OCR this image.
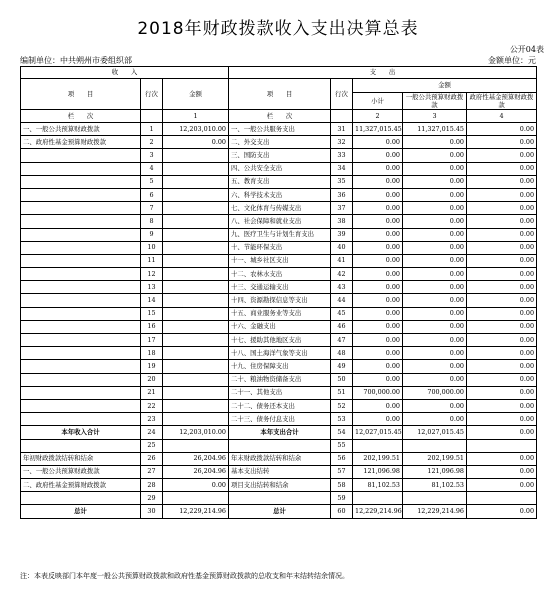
2018年财政拨款收入支出决算总表
公开04表
编制单位：中共朔州市委组织部	金额单位：元
收　　入			支　　出				
项　　目	行次	金额	项　　目	行次	金额		
					小计	一般公共预算财政拨款	政府性基金预算财政拨款
栏　　次		1	栏　　次		2	3	4
一、一般公共预算财政拨款	1	12,203,010.00	一、一般公共服务支出	31	11,327,015.45	11,327,015.45	0.00
二、政府性基金预算财政拨款	2	0.00	二、外交支出	32	0.00	0.00	0.00
	3		三、国防支出	33	0.00	0.00	0.00
	4		四、公共安全支出	34	0.00	0.00	0.00
	5		五、教育支出	35	0.00	0.00	0.00
	6		六、科学技术支出	36	0.00	0.00	0.00
	7		七、文化体育与传媒支出	37	0.00	0.00	0.00
	8		八、社会保障和就业支出	38	0.00	0.00	0.00
	9		九、医疗卫生与计划生育支出	39	0.00	0.00	0.00
	10		十、节能环保支出	40	0.00	0.00	0.00
	11		十一、城乡社区支出	41	0.00	0.00	0.00
	12		十二、农林水支出	42	0.00	0.00	0.00
	13		十三、交通运输支出	43	0.00	0.00	0.00
	14		十四、资源勘探信息等支出	44	0.00	0.00	0.00
	15		十五、商业服务业等支出	45	0.00	0.00	0.00
	16		十六、金融支出	46	0.00	0.00	0.00
	17		十七、援助其他地区支出	47	0.00	0.00	0.00
	18		十八、国土海洋气象等支出	48	0.00	0.00	0.00
	19		十九、住房保障支出	49	0.00	0.00	0.00
	20		二十、粮油物资储备支出	50	0.00	0.00	0.00
	21		二十一、其他支出	51	700,000.00	700,000.00	0.00
	22		二十二、债务还本支出	52	0.00	0.00	0.00
	23		二十三、债务付息支出	53	0.00	0.00	0.00
本年收入合计	24	12,203,010.00	本年支出合计	54	12,027,015.45	12,027,015.45	0.00
	25			55			
年初财政拨款结转和结余	26	26,204.96	年末财政拨款结转和结余	56	202,199.51	202,199.51	0.00
一、一般公共预算财政拨款	27	26,204.96	基本支出结转	57	121,096.98	121,096.98	0.00
二、政府性基金预算财政拨款	28	0.00	项目支出结转和结余	58	81,102.53	81,102.53	0.00
	29			59			
总计	30	12,229,214.96	总计	60	12,229,214.96	12,229,214.96	0.00
注：本表反映部门本年度一般公共预算财政拨款和政府性基金预算财政拨款的总收支和年末结转结余情况。
